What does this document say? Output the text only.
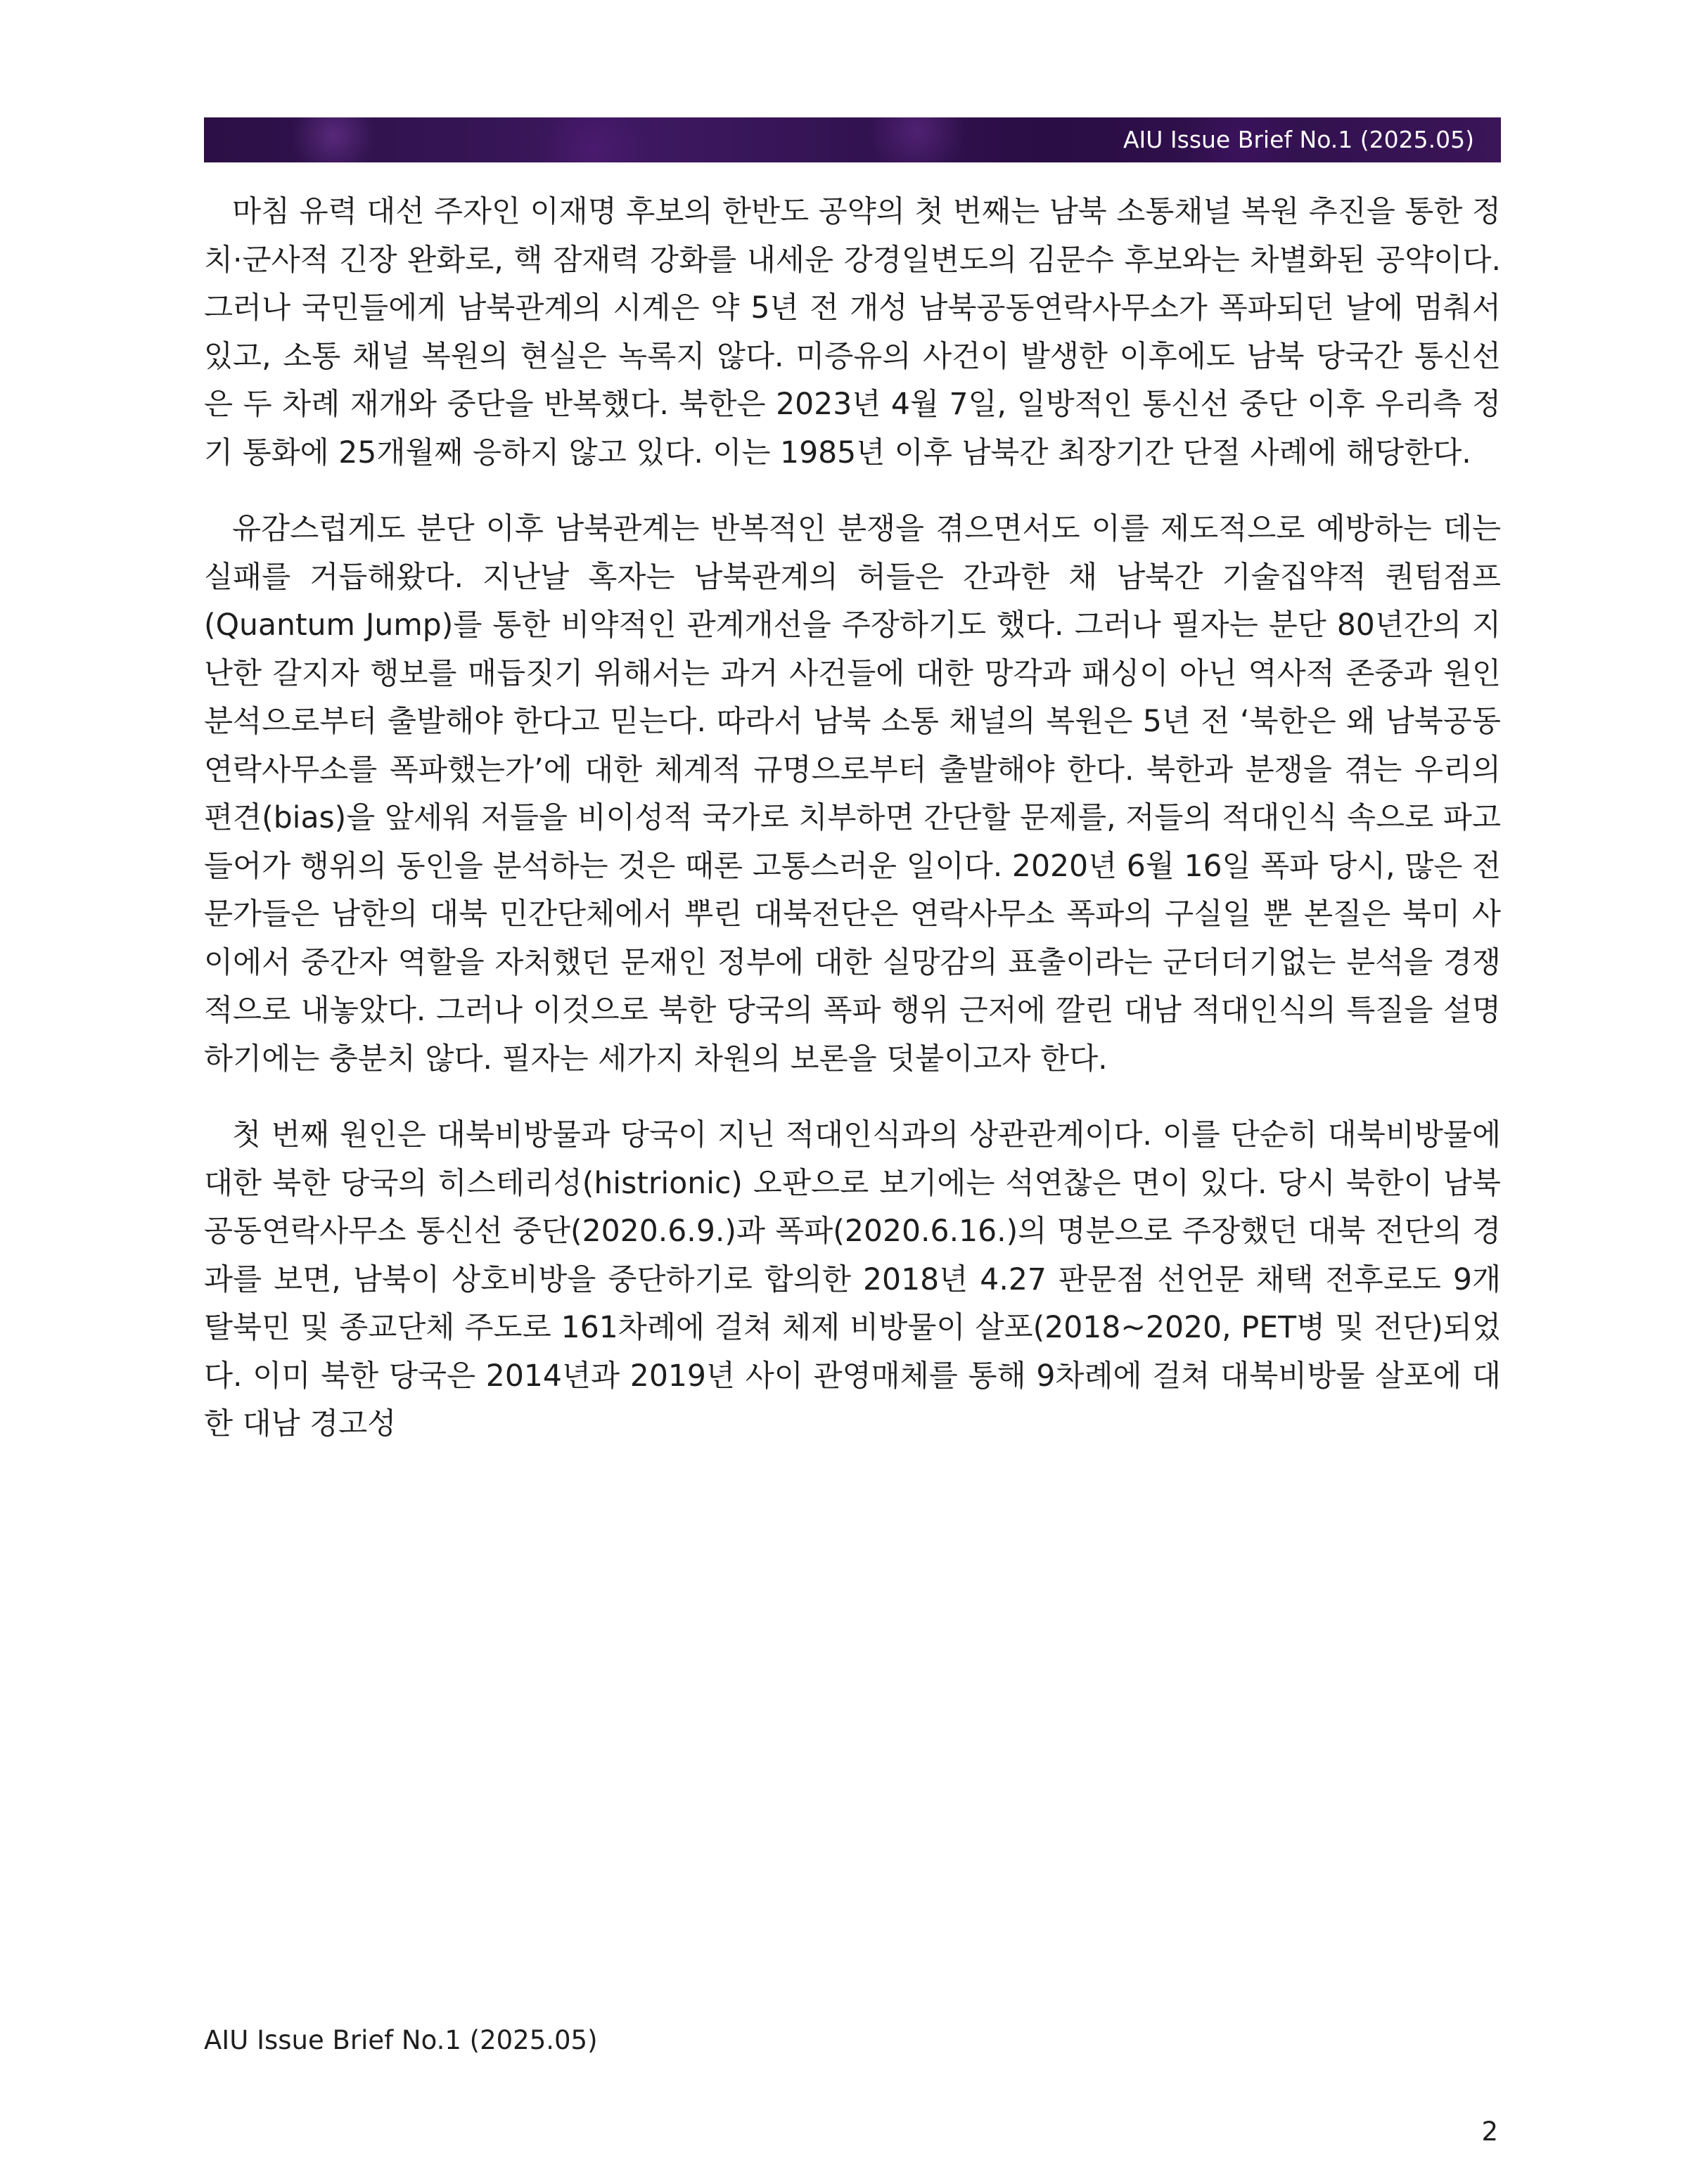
AIU Issue Brief No.1 (2025.05)

마침 유력 대선 주자인 이재명 후보의 한반도 공약의 첫 번째는 남북 소통채널 복원 추진을 통한 정치·군사적 긴장 완화로, 핵 잠재력 강화를 내세운 강경일변도의 김문수 후보와는 차별화된 공약이다. 그러나 국민들에게 남북관계의 시계은 약 5년 전 개성 남북공동연락사무소가 폭파되던 날에 멈춰서 있고, 소통 채널 복원의 현실은 녹록지 않다. 미증유의 사건이 발생한 이후에도 남북 당국간 통신선은 두 차례 재개와 중단을 반복했다. 북한은 2023년 4월 7일, 일방적인 통신선 중단 이후 우리측 정기 통화에 25개월째 응하지 않고 있다. 이는 1985년 이후 남북간 최장기간 단절 사례에 해당한다.

유감스럽게도 분단 이후 남북관계는 반복적인 분쟁을 겪으면서도 이를 제도적으로 예방하는 데는 실패를 거듭해왔다. 지난날 혹자는 남북관계의 허들은 간과한 채 남북간 기술집약적 퀀텀점프(Quantum Jump)를 통한 비약적인 관계개선을 주장하기도 했다. 그러나 필자는 분단 80년간의 지난한 갈지자 행보를 매듭짓기 위해서는 과거 사건들에 대한 망각과 패싱이 아닌 역사적 존중과 원인 분석으로부터 출발해야 한다고 믿는다. 따라서 남북 소통 채널의 복원은 5년 전 ‘북한은 왜 남북공동연락사무소를 폭파했는가’에 대한 체계적 규명으로부터 출발해야 한다. 북한과 분쟁을 겪는 우리의 편견(bias)을 앞세워 저들을 비이성적 국가로 치부하면 간단할 문제를, 저들의 적대인식 속으로 파고들어가 행위의 동인을 분석하는 것은 때론 고통스러운 일이다. 2020년 6월 16일 폭파 당시, 많은 전문가들은 남한의 대북 민간단체에서 뿌린 대북전단은 연락사무소 폭파의 구실일 뿐 본질은 북미 사이에서 중간자 역할을 자처했던 문재인 정부에 대한 실망감의 표출이라는 군더더기없는 분석을 경쟁적으로 내놓았다. 그러나 이것으로 북한 당국의 폭파 행위 근저에 깔린 대남 적대인식의 특질을 설명하기에는 충분치 않다. 필자는 세가지 차원의 보론을 덧붙이고자 한다.

첫 번째 원인은 대북비방물과 당국이 지닌 적대인식과의 상관관계이다. 이를 단순히 대북비방물에 대한 북한 당국의 히스테리성(histrionic) 오판으로 보기에는 석연찮은 면이 있다. 당시 북한이 남북공동연락사무소 통신선 중단(2020.6.9.)과 폭파(2020.6.16.)의 명분으로 주장했던 대북 전단의 경과를 보면, 남북이 상호비방을 중단하기로 합의한 2018년 4.27 판문점 선언문 채택 전후로도 9개 탈북민 및 종교단체 주도로 161차례에 걸쳐 체제 비방물이 살포(2018~2020, PET병 및 전단)되었다. 이미 북한 당국은 2014년과 2019년 사이 관영매체를 통해 9차례에 걸쳐 대북비방물 살포에 대한 대남 경고성

AIU Issue Brief No.1 (2025.05)
2
